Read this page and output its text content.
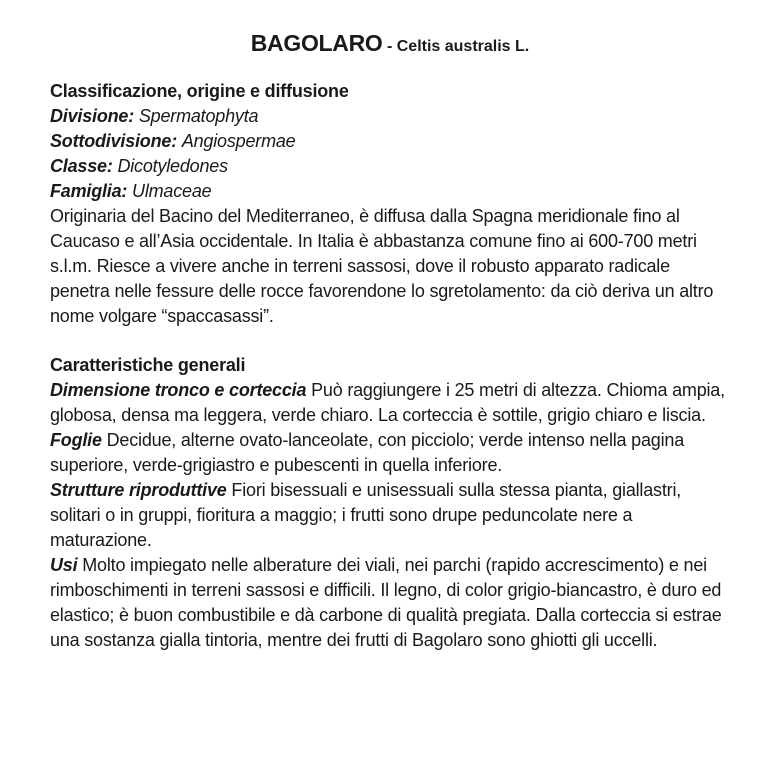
BAGOLARO - Celtis australis L.
Classificazione, origine e diffusione
Divisione: Spermatophyta
Sottodivisione: Angiospermae
Classe: Dicotyledones
Famiglia: Ulmaceae

Originaria del Bacino del Mediterraneo, è diffusa dalla Spagna meridionale fino al Caucaso e all’Asia occidentale. In Italia è abbastanza comune fino ai 600-700 metri s.l.m. Riesce a vivere anche in terreni sassosi, dove il robusto apparato radicale penetra nelle fessure delle rocce favorendone lo sgretolamento: da ciò deriva un altro nome volgare “spaccasassi”.

Caratteristiche generali

Dimensione tronco e corteccia Può raggiungere i 25 metri di altezza. Chioma ampia, globosa, densa ma leggera, verde chiaro. La corteccia è sottile, grigio chiaro e liscia.

Foglie Decidue, alterne ovato-lanceolate, con picciolo; verde intenso nella pagina superiore, verde-grigiastro e pubescenti in quella inferiore.

Strutture riproduttive Fiori bisessuali e unisessuali sulla stessa pianta, giallastri, solitari o in gruppi, fioritura a maggio; i frutti sono drupe peduncolate nere a maturazione.

Usi Molto impiegato nelle alberature dei viali, nei parchi (rapido accrescimento) e nei rimboschimenti in terreni sassosi e difficili. Il legno, di color grigio-biancastro, è duro ed elastico; è buon combustibile e dà carbone di qualità pregiata. Dalla corteccia si estrae una sostanza gialla tintoria, mentre dei frutti di Bagolaro sono ghiotti gli uccelli.
